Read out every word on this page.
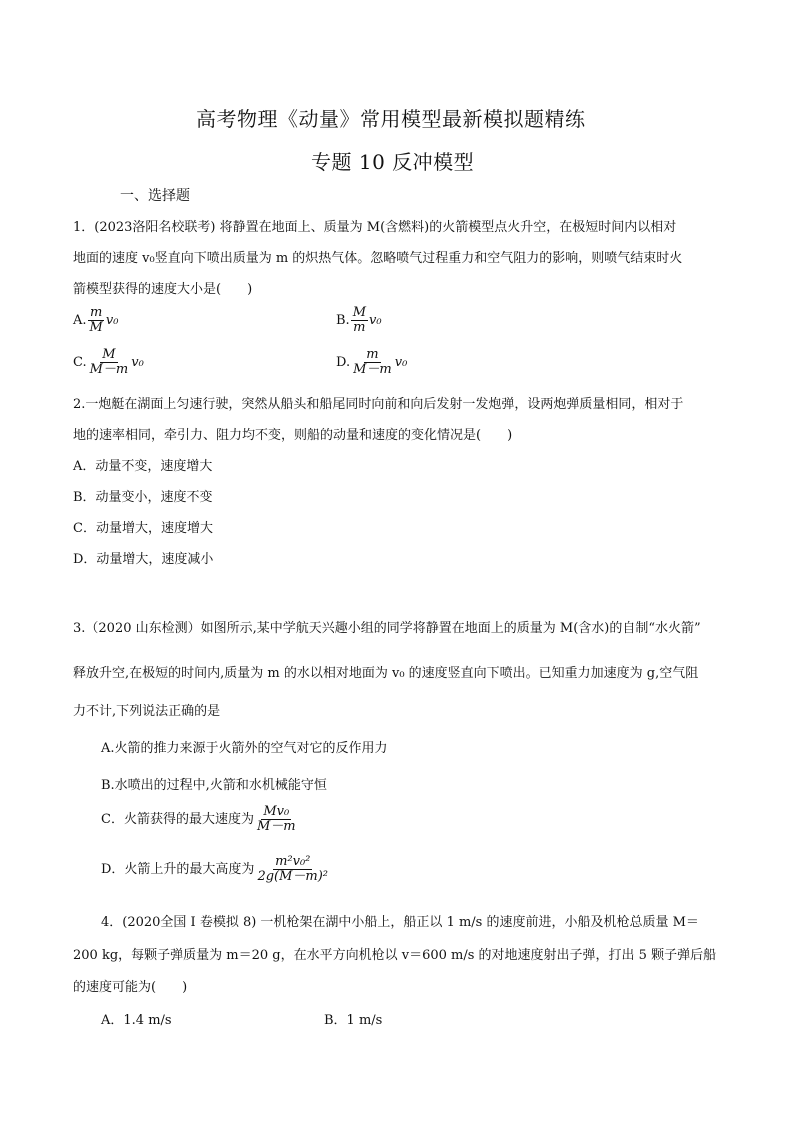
高考物理《动量》常用模型最新模拟题精练
专题 10 反冲模型
一、选择题
1．(2023洛阳名校联考) 将静置在地面上、质量为 M(含燃料)的火箭模型点火升空，在极短时间内以相对
地面的速度 v₀竖直向下喷出质量为 m 的炽热气体。忽略喷气过程重力和空气阻力的影响，则喷气结束时火
箭模型获得的速度大小是(　　)
A. $\frac{m}{M} v_0$	B. $\frac{M}{m} v_0$
C. $\frac{M}{M-m} v_0$	D. $\frac{m}{M-m} v_0$
2.一炮艇在湖面上匀速行驶，突然从船头和船尾同时向前和向后发射一发炮弹，设两炮弹质量相同，相对于
地的速率相同，牵引力、阻力均不变，则船的动量和速度的变化情况是(　　)
A．动量不变，速度增大
B．动量变小，速度不变
C．动量增大，速度增大
D．动量增大，速度减小
3.（2020 山东检测）如图所示,某中学航天兴趣小组的同学将静置在地面上的质量为 M(含水)的自制“水火箭”
释放升空,在极短的时间内,质量为 m 的水以相对地面为 v₀ 的速度竖直向下喷出。已知重力加速度为 g,空气阻
力不计,下列说法正确的是
A.火箭的推力来源于火箭外的空气对它的反作用力
B.水喷出的过程中,火箭和水机械能守恒
C．火箭获得的最大速度为 $\frac{\text{Mv₀}}{M-m}$
D．火箭上升的最大高度为 $\frac{\text{m²v₀²}}{\text{2g(M－m)²}}$
4．(2020全国 I 卷模拟 8) 一机枪架在湖中小船上，船正以 1 m/s 的速度前进，小船及机枪总质量 M＝
200 kg，每颗子弹质量为 m＝20 g，在水平方向机枪以 v＝600 m/s 的对地速度射出子弹，打出 5 颗子弹后船
的速度可能为(　　)
A．1.4 m/s	B．1 m/s
